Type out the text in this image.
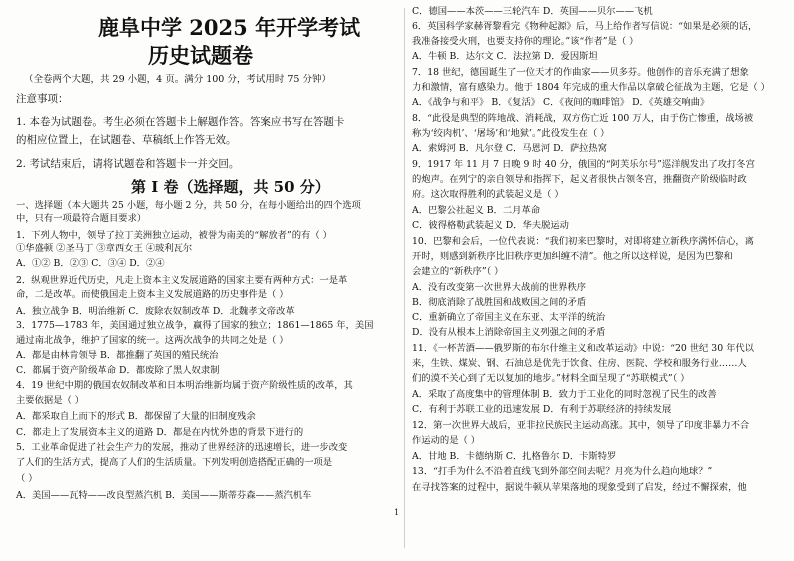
鹿阜中学 2025 年开学考试
历史试题卷
（全卷两个大题，共 29 小题，4 页。满分 100 分，考试用时 75 分钟）
注意事项：
1. 本卷为试题卷。考生必须在答题卡上解题作答。答案应书写在答题卡
的相应位置上，在试题卷、草稿纸上作答无效。
2. 考试结束后，请将试题卷和答题卡一并交回。
第 I 卷（选择题，共 50 分）
一、选择题（本大题共 25 小题，每小题 2 分，共 50 分，在每小题给出的四个选项
中，只有一项最符合题目要求）
1．下列人物中，领导了拉丁美洲独立运动，被誉为南美的“解放者”的有（ ）
①华盛顿 ②圣马丁 ③章西女王 ④玻利瓦尔
A．①② B．②③ C．③④ D．②④
2．纵观世界近代历史，凡走上资本主义发展道路的国家主要有两种方式：一是革
命，二是改革。而使俄国走上资本主义发展道路的历史事件是（ ）
A．独立战争 B．明治维新 C．废除农奴制改革 D．北魏孝文帝改革
3．1775—1783 年，美国通过独立战争，赢得了国家的独立；1861—1865 年，美国
通过南北战争，维护了国家的统一。这两次战争的共同之处是（ ）
A．都是由林肯领导 B．都推翻了英国的殖民统治
C．都属于资产阶级革命 D．都废除了黑人奴隶制
4．19 世纪中期的俄国农奴制改革和日本明治维新均属于资产阶级性质的改革，其
主要依据是（ ）
A．都采取自上而下的形式 B．都保留了大量的旧制度残余
C．都走上了发展资本主义的道路 D．都是在内忧外患的背景下进行的
5．工业革命促进了社会生产力的发展，推动了世界经济的迅速增长，进一步改变
了人们的生活方式，提高了人们的生活质量。下列发明创造搭配正确的一项是
（ ）
A．美国——瓦特——改良型蒸汽机 B．美国——斯蒂芬森——蒸汽机车
1
C．德国——本茨——三轮汽车 D．英国——贝尔——飞机
6．英国科学家赫胥黎看完《物种起源》后，马上给作者写信说：“如果是必须的话，
我准备接受火刑，也要支持你的理论。”该“作者”是（ ）
A．牛顿 B．达尔文 C．法拉第 D．爱因斯坦
7．18 世纪，德国诞生了一位天才的作曲家——贝多芬。他创作的音乐充满了想象
力和激情，富有感染力。他于 1804 年完成的重大作品以拿破仑征战为主题，它是（ ）
A．《战争与和平》 B．《复活》 C．《夜间的咖啡馆》 D．《英雄交响曲》
8．“此役是典型的阵地战、消耗战，双方伤亡近 100 万人，由于伤亡惨重，战场被
称为‘绞肉机’、‘屠场’和‘地狱’。”此役发生在（ ）
A．索姆河 B．凡尔登 C．马恩河 D．萨拉热窝
9．1917 年 11 月 7 日晚 9 时 40 分，俄国的“阿芙乐尔号”巡洋舰发出了攻打冬宫
的炮声。在列宁的亲自领导和指挥下，起义者很快占领冬宫，推翻资产阶级临时政
府。这次取得胜利的武装起义是（ ）
A．巴黎公社起义 B．二月革命
C．彼得格勒武装起义 D．华夫脱运动
10．巴黎和会后，一位代表说：“我们初来巴黎时，对即将建立新秩序满怀信心，离
开时，则感到新秩序比旧秩序更加纠缠不清”。他之所以这样说，是因为巴黎和
会建立的“新秩序”（ ）
A．没有改变第一次世界大战前的世界秩序
B．彻底消除了战胜国和战败国之间的矛盾
C．重新确立了帝国主义在东亚、太平洋的统治
D．没有从根本上消除帝国主义列强之间的矛盾
11．《一杯苦酒——俄罗斯的布尔什维主义和改革运动》中说：“20 世纪 30 年代以
来，生铁、煤炭、钢、石油总是优先于饮食、住房、医院、学校和服务行业……人
们的漠不关心到了无以复加的地步。”材料全面呈现了“苏联模式”（ ）
A．采取了高度集中的管理体制 B．致力于工业化的同时忽视了民生的改善
C．有利于苏联工业的迅速发展 D．有利于苏联经济的持续发展
12．第一次世界大战后，亚非拉民族民主运动高涨。其中，领导了印度非暴力不合
作运动的是（ ）
A．甘地 B．卡德纳斯 C．扎格鲁尔 D．卡斯特罗
13．“打手为什么不沿着直线飞到外部空间去呢？月亮为什么趋向地球？”
在寻找答案的过程中，据说牛顿从苹果落地的现象受到了启发，经过不懈探索，他
